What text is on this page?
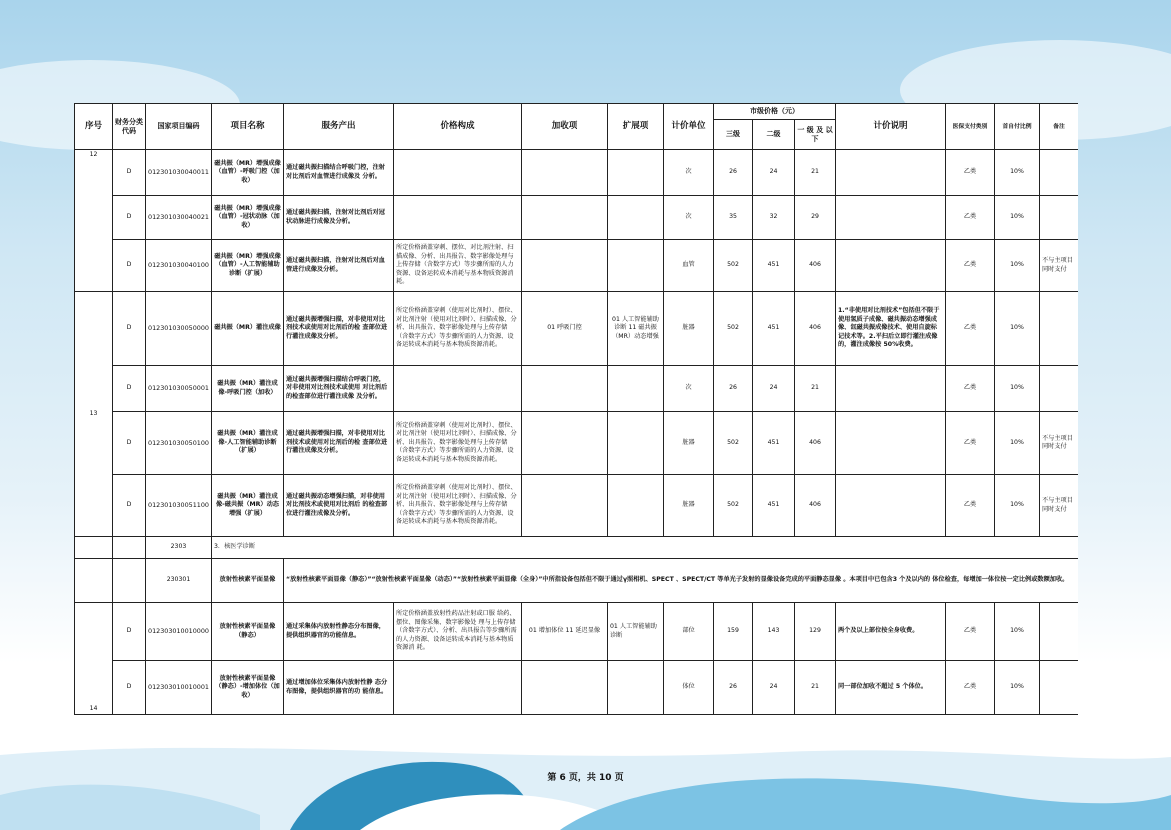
序号	财务分类代码	国家项目编码	项目名称	服务产出	价格构成	加收项	扩展项	计价单位	市级价格（元）			计价说明	医保支付类别	首自付比例	备注
									三级	二级	一 级 及 以 下				
12	D	012301030040011	磁共振（MR）增强成像（血管）-呼吸门控（加收）	通过磁共振扫描结合呼吸门控，注射对比剂后对血管进行成像及 分析。				次	26	24	21		乙类	10%	
	D	012301030040021	磁共振（MR）增强成像（血管）-冠状动脉（加收）	通过磁共振扫描，注射对比剂后对冠状动脉进行成像及分析。				次	35	32	29		乙类	10%	
	D	012301030040100	磁共振（MR）增强成像（血管）-人工智能辅助诊断（扩展）	通过磁共振扫描，注射对比剂后对血管进行成像及分析。	所定价格涵盖穿刺、摆位、对比剂注射、扫描成像、分析、出具报告、数字影像处理与上传存储（含数字方式）等步骤所需的人力资源、设备运转成本消耗与基本物质资源消耗。			血管	502	451	406		乙类	10%	不与主项目同时支付
13	D	012301030050000	磁共振（MR）灌注成像	通过磁共振增强扫描，对非使用对比剂技术或使用对比剂后的检 查部位进行灌注成像及分析。	所定价格涵盖穿刺（使用对比剂时）、摆位、对比剂注射（使用对比剂时）、扫描成像、分析、出具报告、数字影像处理与上传存储（含数字方式）等步骤所需的人力资源、设备运转成本消耗与基本物质资源消耗。	01 呼吸门控	01 人工智能辅助诊断 11 磁共振（MR）动态增强	脏器	502	451	406	1.“非使用对比剂技术”包括但不限于使用氢质子成像、磁共振动态增强成像、氙磁共振成像技术、使用自旋标记技术等。2.平扫后立即行灌注成像的，灌注成像按 50%收费。	乙类	10%	
	D	012301030050001	磁共振（MR）灌注成像-呼吸门控（加收）	通过磁共振增强扫描结合呼吸门控，对非使用对比剂技术或使用 对比剂后的检查部位进行灌注成像 及分析。				次	26	24	21		乙类	10%	
	D	012301030050100	磁共振（MR）灌注成像-人工智能辅助诊断（扩展）	通过磁共振增强扫描，对非使用对比剂技术或使用对比剂后的检 查部位进行灌注成像及分析。	所定价格涵盖穿刺（使用对比剂时）、摆位、对比剂注射（使用对比剂时）、扫描成像、分析、出具报告、数字影像处理与上传存储（含数字方式）等步骤所需的人力资源、设备运转成本消耗与基本物质资源消耗。			脏器	502	451	406		乙类	10%	不与主项目同时支付
	D	012301030051100	磁共振（MR）灌注成像-磁共振（MR）动态增强（扩展）	通过磁共振动态增强扫描，对非使用对比剂技术或使用对比剂后 的检查部位进行灌注成像及分析。	所定价格涵盖穿刺（使用对比剂时）、摆位、对比剂注射（使用对比剂时）、扫描成像、分析、出具报告、数字影像处理与上传存储（含数字方式）等步骤所需的人力资源、设备运转成本消耗与基本物质资源消耗。			脏器	502	451	406		乙类	10%	不与主项目同时支付
		2303	3．核医学诊断												
		230301	放射性核素平面显像	“放射性核素平面显像（静态）”“放射性核素平面显像（动态）”“放射性核素平面显像（全身）”中所指设备包括但不限于通过γ照相机、SPECT 、SPECT/CT 等单光子发射的显像设备完成的平面静态显像 。本项目中已包含3 个及以内的 体位检查，每增加一体位按一定比例或数额加收。											
14	D	012303010010000	放射性核素平面显像（静态）	通过采集体内放射性静态分布图像，提供组织器官的功能信息。	所定价格涵盖放射性药品注射或口服 给药、摆位、图像采集、数字影像处 理与上传存储（含数字方式）、分析、出具报告等步骤所需的人力资源、设备运转成本消耗与基本物质资源消 耗。	01 增加体位 11 延迟显像	01 人工智能辅助 诊断	部位	159	143	129	两个及以上部位按全身收费。	乙类	10%	
	D	012303010010001	放射性核素平面显像（静态）-增加体位（加收）	通过增加体位采集体内放射性静 态分布图像，提供组织器官的功 能信息。				体位	26	24	21	同一部位加收不超过 5 个体位。	乙类	10%	
第 6 页，共 10 页
